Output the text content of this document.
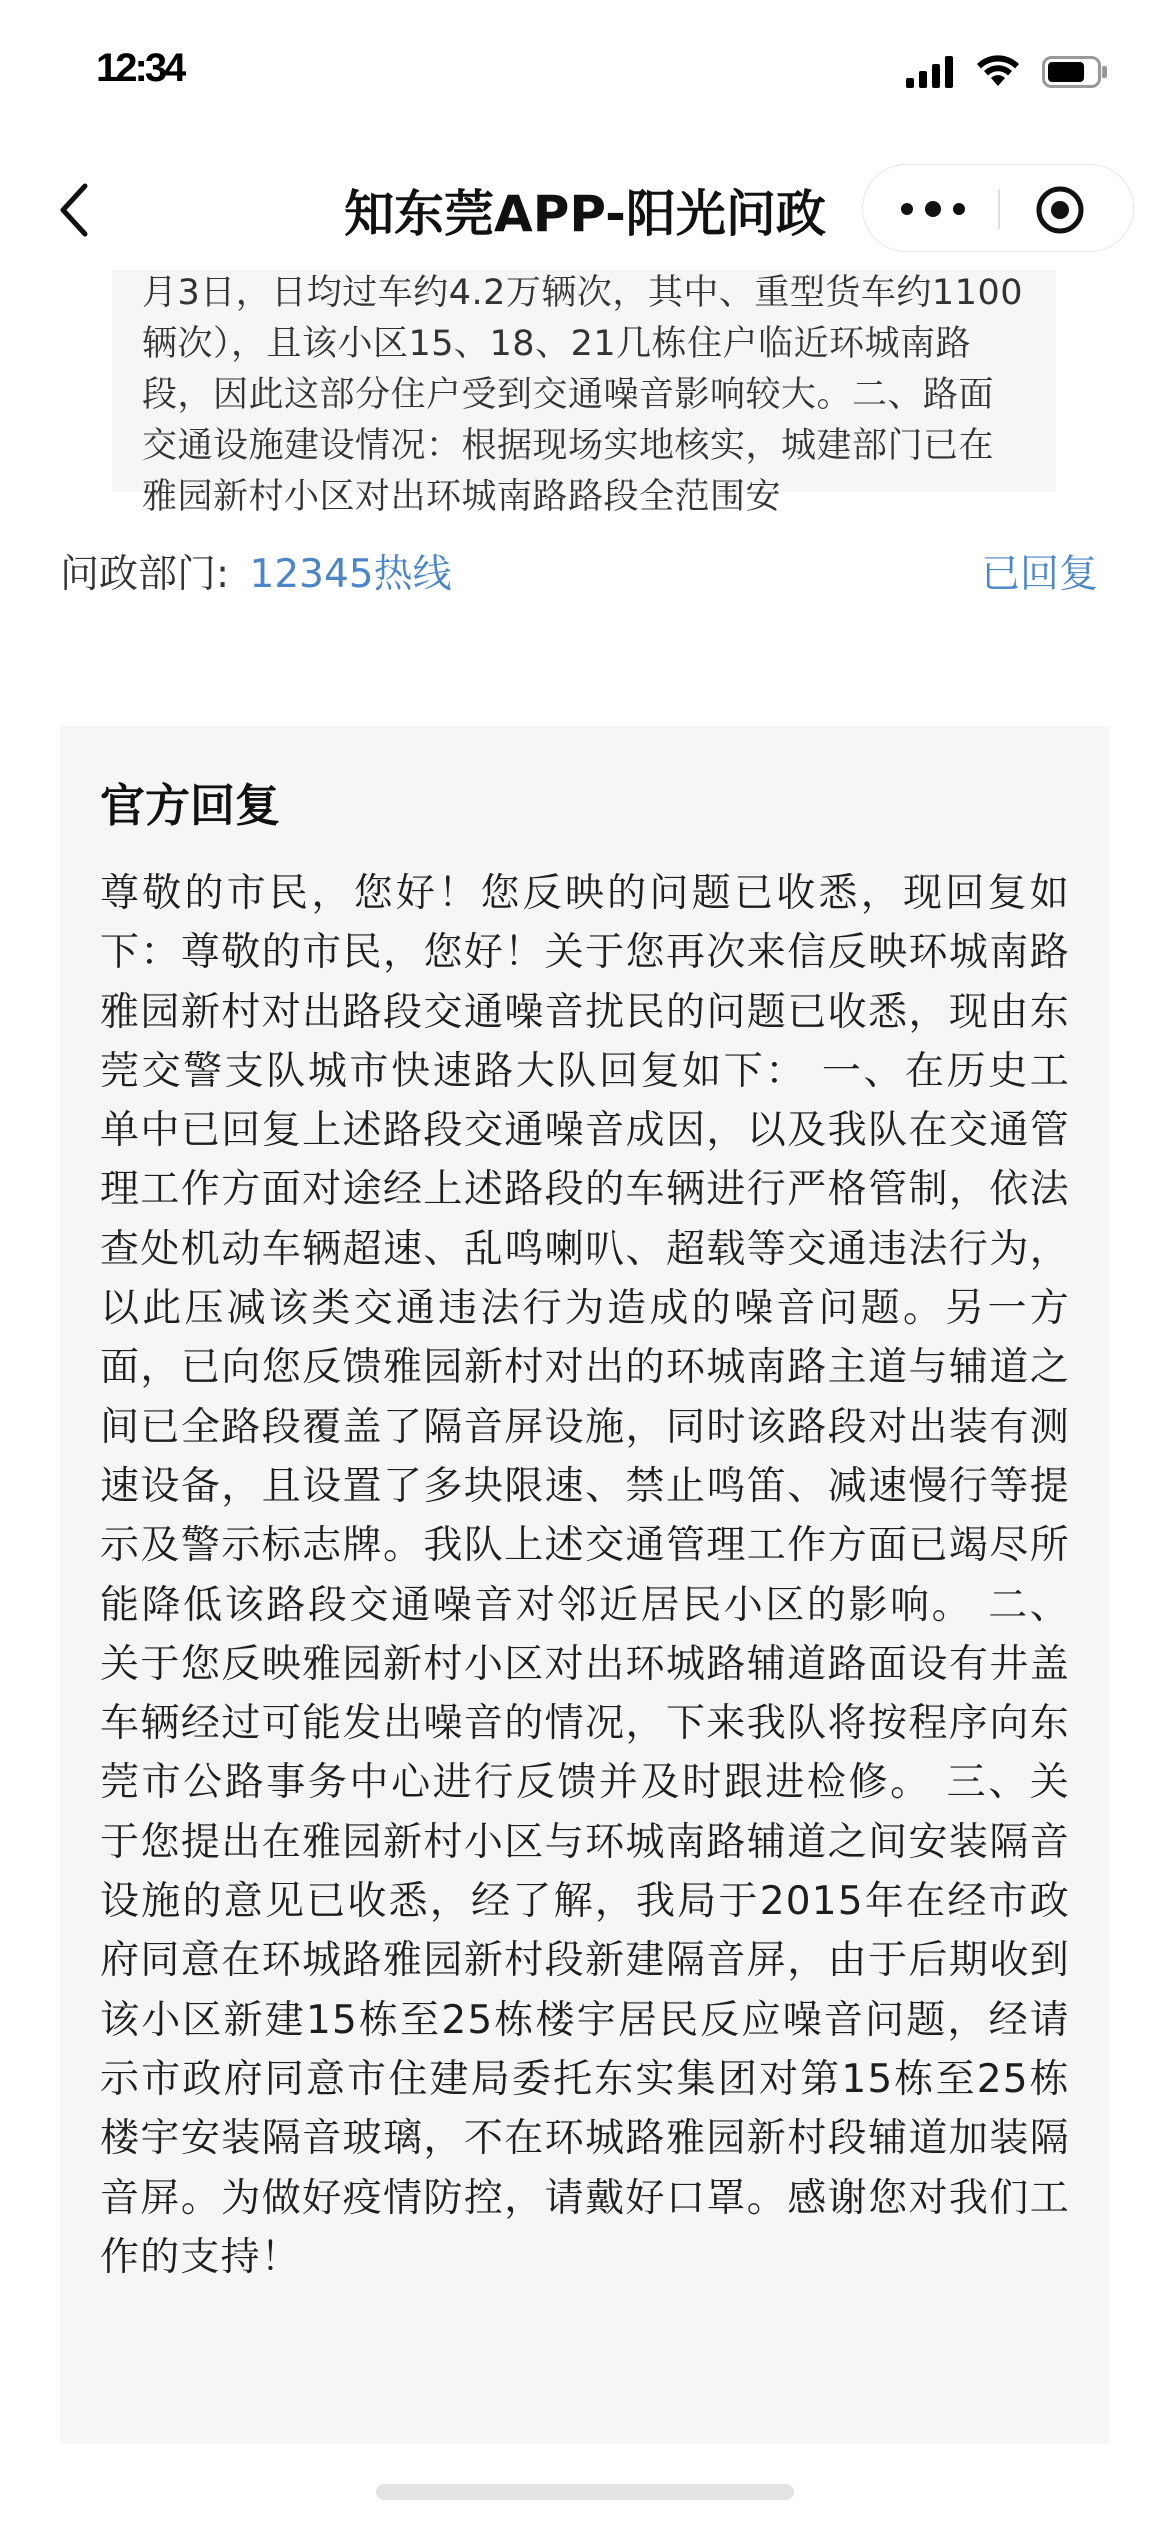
12:34
知东莞APP-阳光问政
月3日，日均过车约4.2万辆次，其中、重型货车约1100辆次），且该小区15、18、21几栋住户临近环城南路段，因此这部分住户受到交通噪音影响较大。二、路面交通设施建设情况：根据现场实地核实，城建部门已在雅园新村小区对出环城南路路段全范围安
问政部门: 12345热线	已回复
官方回复
尊敬的市民，您好！您反映的问题已收悉，现回复如下：尊敬的市民，您好！关于您再次来信反映环城南路雅园新村对出路段交通噪音扰民的问题已收悉，现由东莞交警支队城市快速路大队回复如下： 一、在历史工单中已回复上述路段交通噪音成因，以及我队在交通管理工作方面对途经上述路段的车辆进行严格管制，依法查处机动车辆超速、乱鸣喇叭、超载等交通违法行为，以此压减该类交通违法行为造成的噪音问题。另一方面，已向您反馈雅园新村对出的环城南路主道与辅道之间已全路段覆盖了隔音屏设施，同时该路段对出装有测速设备，且设置了多块限速、禁止鸣笛、减速慢行等提示及警示标志牌。我队上述交通管理工作方面已竭尽所能降低该路段交通噪音对邻近居民小区的影响。 二、关于您反映雅园新村小区对出环城路辅道路面设有井盖车辆经过可能发出噪音的情况，下来我队将按程序向东莞市公路事务中心进行反馈并及时跟进检修。 三、关于您提出在雅园新村小区与环城南路辅道之间安装隔音设施的意见已收悉，经了解，我局于2015年在经市政府同意在环城路雅园新村段新建隔音屏，由于后期收到该小区新建15栋至25栋楼宇居民反应噪音问题，经请示市政府同意市住建局委托东实集团对第15栋至25栋楼宇安装隔音玻璃，不在环城路雅园新村段辅道加装隔音屏。为做好疫情防控，请戴好口罩。感谢您对我们工作的支持！
